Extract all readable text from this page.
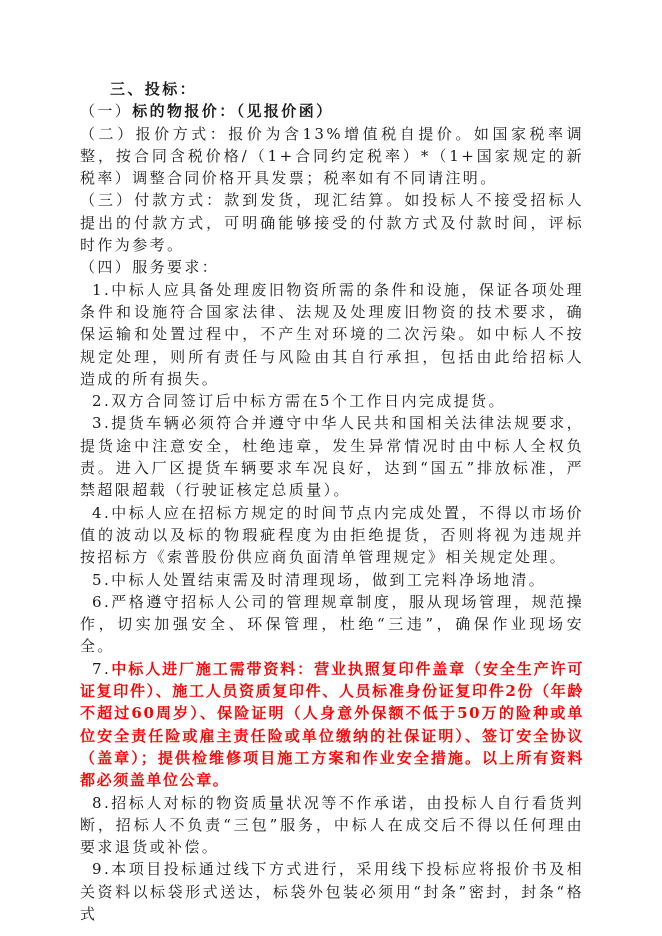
三、投标：

（一）标的物报价：（见报价函）

（二）报价方式：报价为含13%增值税自提价。如国家税率调整，按合同含税价格/（1+合同约定税率）*（1+国家规定的新税率）调整合同价格开具发票；税率如有不同请注明。

（三）付款方式：款到发货，现汇结算。如投标人不接受招标人提出的付款方式，可明确能够接受的付款方式及付款时间，评标时作为参考。

（四）服务要求：

1.中标人应具备处理废旧物资所需的条件和设施，保证各项处理条件和设施符合国家法律、法规及处理废旧物资的技术要求，确保运输和处置过程中，不产生对环境的二次污染。如中标人不按规定处理，则所有责任与风险由其自行承担，包括由此给招标人造成的所有损失。

2.双方合同签订后中标方需在5个工作日内完成提货。

3.提货车辆必须符合并遵守中华人民共和国相关法律法规要求，提货途中注意安全，杜绝违章，发生异常情况时由中标人全权负责。进入厂区提货车辆要求车况良好，达到“国五”排放标准，严禁超限超载（行驶证核定总质量）。

4.中标人应在招标方规定的时间节点内完成处置，不得以市场价值的波动以及标的物瑕疵程度为由拒绝提货，否则将视为违规并按招标方《索普股份供应商负面清单管理规定》相关规定处理。

5.中标人处置结束需及时清理现场，做到工完料净场地清。

6.严格遵守招标人公司的管理规章制度，服从现场管理，规范操作，切实加强安全、环保管理，杜绝“三违”，确保作业现场安全。

7.中标人进厂施工需带资料：营业执照复印件盖章（安全生产许可证复印件）、施工人员资质复印件、人员标准身份证复印件2份（年龄不超过60周岁）、保险证明（人身意外保额不低于50万的险种或单位安全责任险或雇主责任险或单位缴纳的社保证明）、签订安全协议（盖章）；提供检维修项目施工方案和作业安全措施。以上所有资料都必须盖单位公章。

8.招标人对标的物资质量状况等不作承诺，由投标人自行看货判断，招标人不负责“三包”服务，中标人在成交后不得以任何理由要求退货或补偿。

9.本项目投标通过线下方式进行，采用线下投标应将报价书及相关资料以标袋形式送达，标袋外包装必须用“封条”密封，封条“格式
